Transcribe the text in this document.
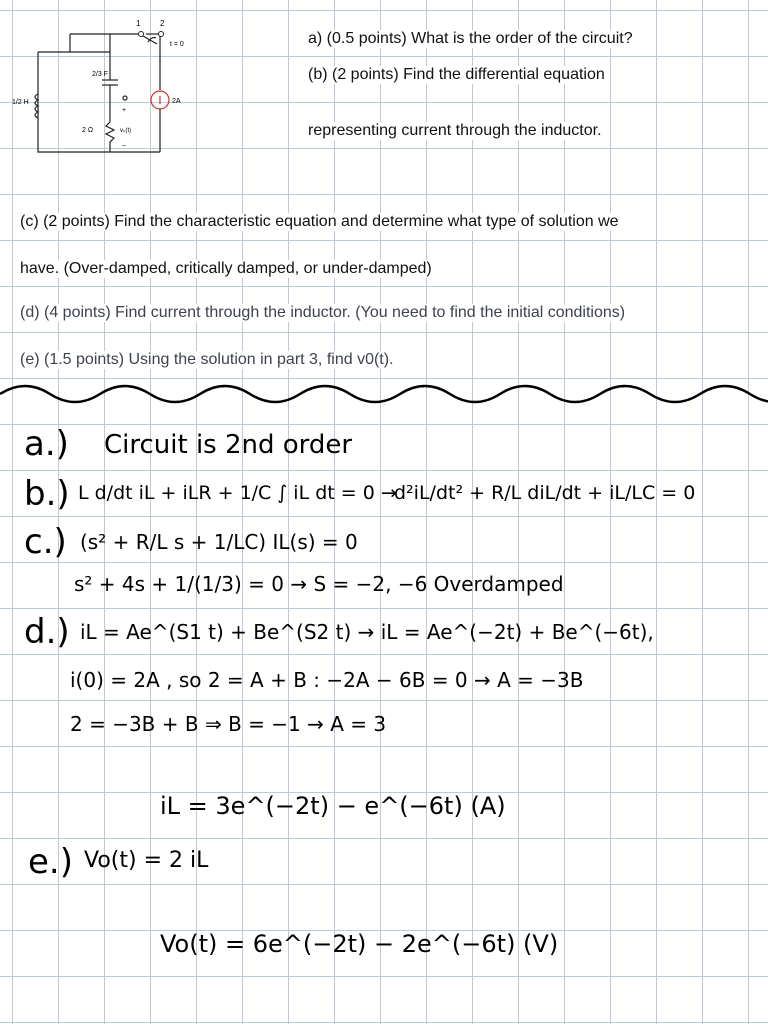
1 2
t = 0
2/3 F
1/2 H
2 Ω
2A
v₀(t)
+
−
a) (0.5 points) What is the order of the circuit?
(b) (2 points) Find the differential equation
representing current through the inductor.
(c) (2 points) Find the characteristic equation and determine what type of solution we
have. (Over-damped, critically damped, or under-damped)
(d) (4 points) Find current through the inductor. (You need to find the initial conditions)
(e) (1.5 points) Using the solution in part 3, find v0(t).
a.) Circuit is 2nd order
b.) L d/dt iL + iLR + 1/C ∫ iL dt = 0 →
d²iL/dt² + R/L diL/dt + iL/LC = 0
c.) (s² + R/L s + 1/LC) IL(s) = 0
s² + 4s + 1/(1/3) = 0 → S = −2, −6 Overdamped
d.) iL = Ae^(S1 t) + Be^(S2 t) → iL = Ae^(−2t) + Be^(−6t),
i(0) = 2A , so 2 = A + B : −2A − 6B = 0 → A = −3B
2 = −3B + B ⇒ B = −1 → A = 3
iL = 3e^(−2t) − e^(−6t) (A)
e.) Vo(t) = 2 iL
Vo(t) = 6e^(−2t) − 2e^(−6t) (V)
